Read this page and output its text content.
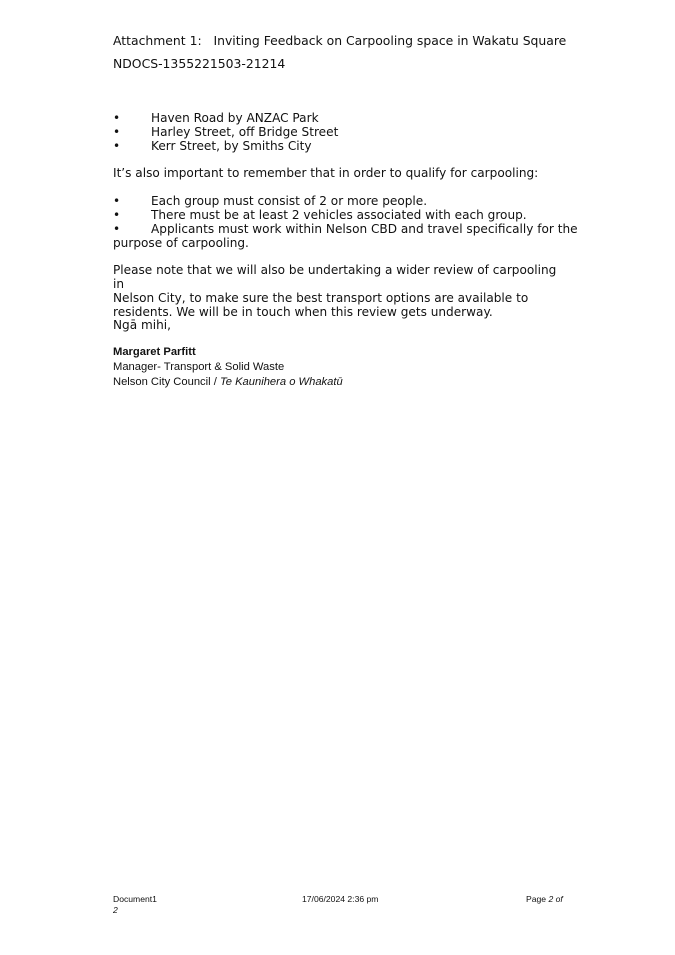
Attachment 1:   Inviting Feedback on Carpooling space in Wakatu Square
NDOCS-1355221503-21214
•	Haven Road by ANZAC Park
•	Harley Street, off Bridge Street
•	Kerr Street, by Smiths City
It’s also important to remember that in order to qualify for carpooling:
•	Each group must consist of 2 or more people.
•	There must be at least 2 vehicles associated with each group.
•	Applicants must work within Nelson CBD and travel specifically for the
purpose of carpooling.
Please note that we will also be undertaking a wider review of carpooling in
Nelson City, to make sure the best transport options are available to
residents. We will be in touch when this review gets underway.
Ngā mihi,
Margaret Parfitt
Manager- Transport & Solid Waste
Nelson City Council / Te Kaunihera o Whakatū
Document1
2
17/06/2024 2:36 pm	Page 2 of
